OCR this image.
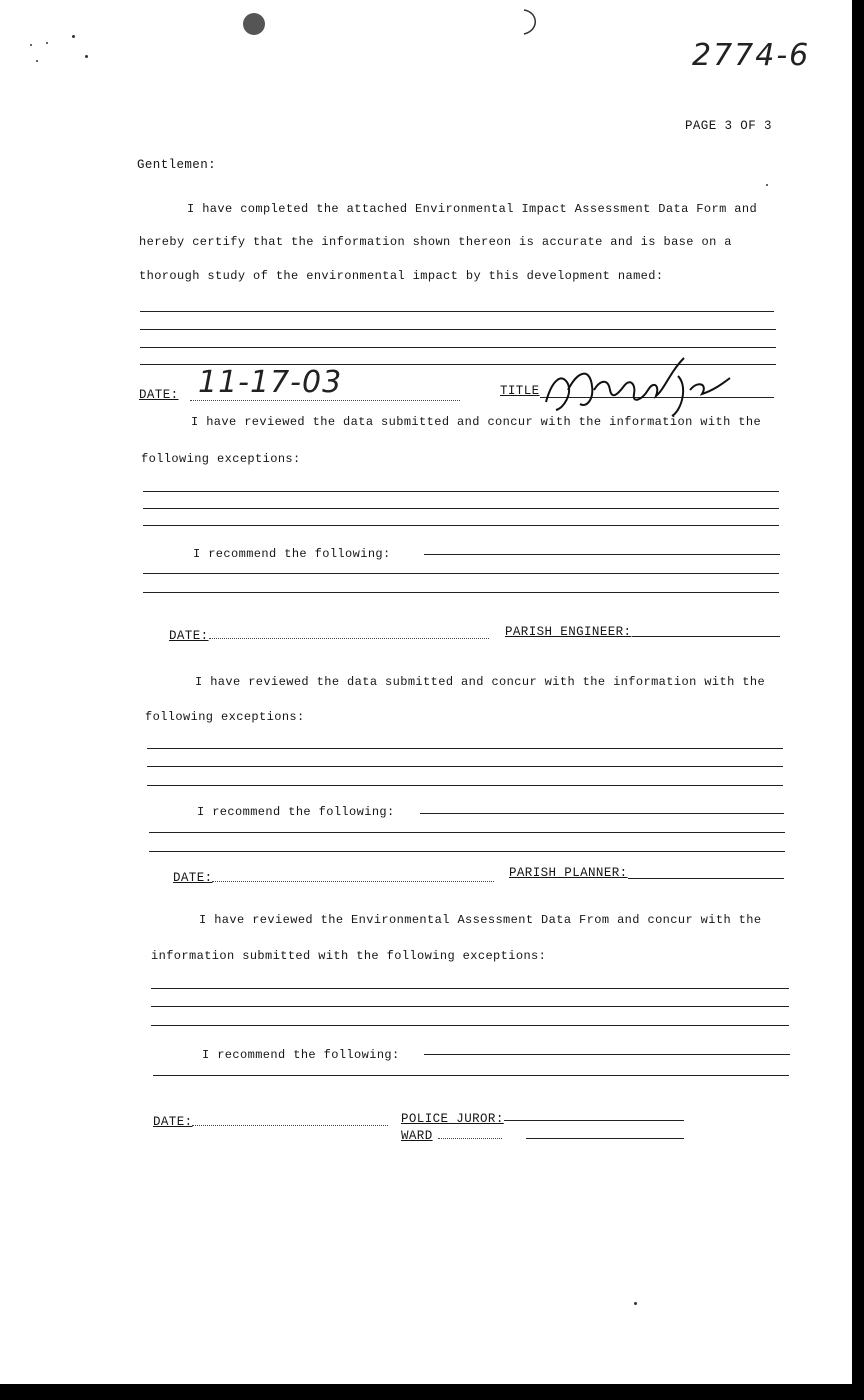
2774-6
PAGE 3 OF 3
Gentlemen:
I have completed the attached Environmental Impact Assessment Data Form and
hereby certify that the information shown thereon is accurate and is base on a
thorough study of the environmental impact by this development named:
DATE: 11-17-03	TITLE
I have reviewed the data submitted and concur with the information with the
following exceptions:
I recommend the following:
DATE:	PARISH ENGINEER:
I have reviewed the data submitted and concur with the information with the
following exceptions:
I recommend the following:
DATE:	PARISH PLANNER:
I have reviewed the Environmental Assessment Data From and concur with the
information submitted with the following exceptions:
I recommend the following:
DATE:	POLICE JUROR:
WARD
